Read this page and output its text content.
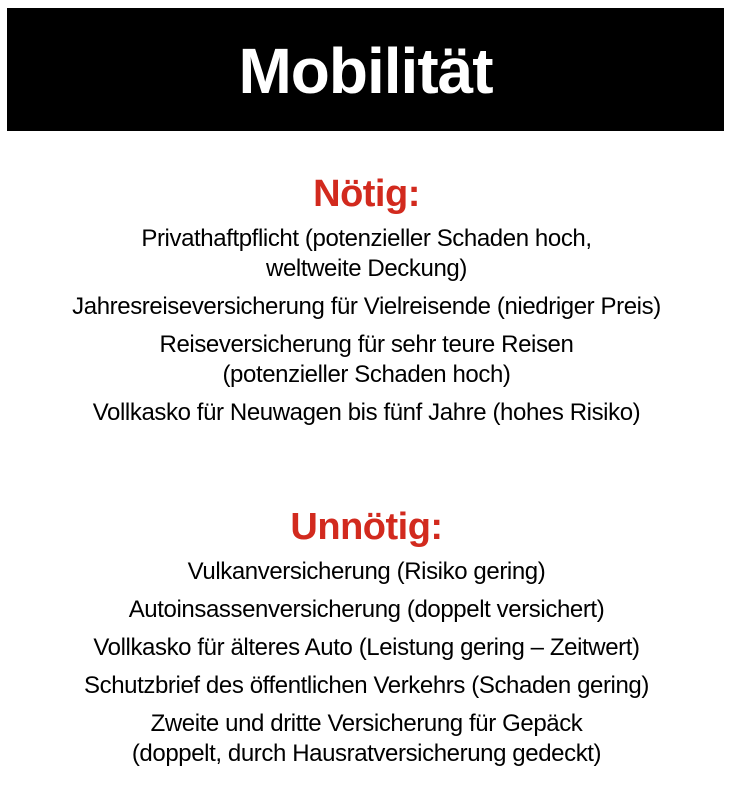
Mobilität
Nötig:
Privathaftpflicht (potenzieller Schaden hoch,
weltweite Deckung)
Jahresreiseversicherung für Vielreisende (niedriger Preis)
Reiseversicherung für sehr teure Reisen
(potenzieller Schaden hoch)
Vollkasko für Neuwagen bis fünf Jahre (hohes Risiko)
Unnötig:
Vulkanversicherung (Risiko gering)
Autoinsassenversicherung (doppelt versichert)
Vollkasko für älteres Auto (Leistung gering – Zeitwert)
Schutzbrief des öffentlichen Verkehrs (Schaden gering)
Zweite und dritte Versicherung für Gepäck
(doppelt, durch Hausratversicherung gedeckt)
